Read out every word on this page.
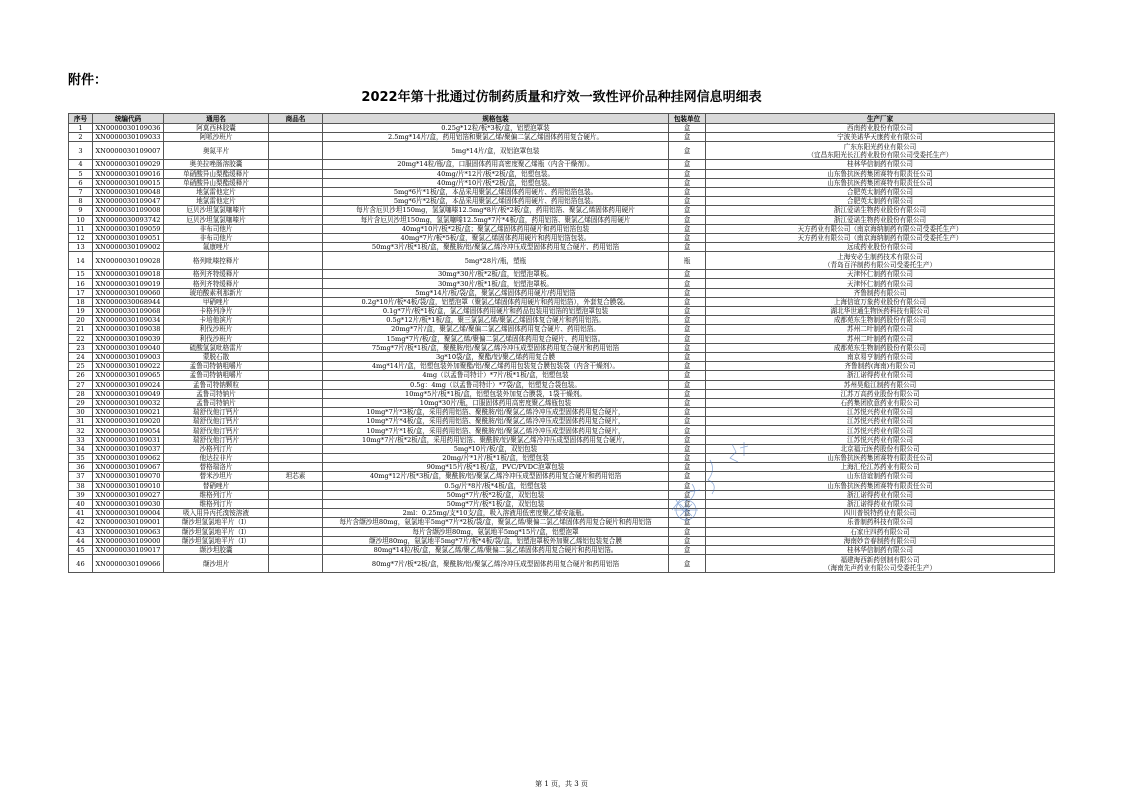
附件：
2022年第十批通过仿制药质量和疗效一致性评价品种挂网信息明细表
序号	统编代码	通用名	商品名	规格包装	包装单位	生产厂家
1	XN0000030109036	阿莫西林胶囊		0.25g*12粒/板*3板/盒，铝塑泡罩装	盒	西南药业股份有限公司
2	XN0000030109033	阿哌沙班片		2.5mg*14片/盒，药用铝箔和聚氯乙烯/聚偏二氯乙烯固体药用复合硬片。	盒	宁波美诺华天康药业有限公司
3	XN0000030109007	奥氮平片		5mg*14片/盒，双铝泡罩包装	盒	广东东阳光药业有限公司
（宜昌东阳光长江药业股份有限公司受委托生产）
4	XN0000030109029	奥美拉唑肠溶胶囊		20mg*14粒/瓶/盒，口服固体药用高密度聚乙烯瓶（内含干燥剂）。	盒	桂林华信制药有限公司
5	XN0000030109016	单硝酸异山梨酯缓释片		40mg/片*12片/板*2板/盒，铝塑包装。	盒	山东鲁抗医药集团赛特有限责任公司
6	XN0000030109015	单硝酸异山梨酯缓释片		40mg/片*10片/板*2板/盒，铝塑包装。	盒	山东鲁抗医药集团赛特有限责任公司
7	XN0000030109048	地氯雷他定片		5mg*6片*1板/盒，本品采用聚氯乙烯固体药用硬片、药用铝箔包装。	盒	合肥英太制药有限公司
8	XN0000030109047	地氯雷他定片		5mg*6片*2板/盒，本品采用聚氯乙烯固体药用硬片、药用铝箔包装。	盒	合肥英太制药有限公司
9	XN0000030109008	厄贝沙坦氢氯噻嗪片		每片含厄贝沙坦150mg，氢氯噻嗪12.5mg*8片/板*2板/盒，药用铝箔、聚氯乙烯固体药用硬片	盒	浙江爱诺生物药业股份有限公司
10	XN0000030093742	厄贝沙坦氢氯噻嗪片		每片含厄贝沙坦150mg，氢氯噻嗪12.5mg*7片*4板/盒，药用铝箔、聚氯乙烯固体药用硬片	盒	浙江爱诺生物药业股份有限公司
11	XN0000030109059	非布司他片		40mg*10片/板*2板/盒；聚氯乙烯固体药用硬片和药用铝箔包装	盒	天方药业有限公司（南京海纳制药有限公司受委托生产）
12	XN0000030109051	非布司他片		40mg*7片/板*5板/盒，聚氯乙烯固体药用硬片和药用铝箔包装。	盒	天方药业有限公司（南京海纳制药有限公司受委托生产）
13	XN0000030109002	氟康唑片		50mg*3片/板*1板/盒，聚酰胺/铝/聚氯乙烯冷冲压成型固体药用复合硬片、药用铝箔	盒	远成药业股份有限公司
14	XN0000030109028	格列吡嗪控释片		5mg*28片/瓶，塑瓶	瓶	上海安必生制药技术有限公司
（青岛百洋制药有限公司受委托生产）
15	XN0000030109018	格列齐特缓释片		30mg*30片/板*2板/盒，铝塑泡罩板。	盒	天津怀仁制药有限公司
16	XN0000030109019	格列齐特缓释片		30mg*30片/板*1板/盒，铝塑泡罩板。	盒	天津怀仁制药有限公司
17	XN0000030109060	琥珀酸素利那新片		5mg*14片/板/袋/盒，聚氯乙烯固体药用硬片/药用铝箔	盒	齐鲁制药有限公司
18	XN0000030068944	甲硝唑片		0.2g*10片/板*4板/袋/盒，铝塑泡罩（聚氯乙烯固体药用硬片和药用铝箔），外套复合膜袋。	盒	上海信谊万象药业股份有限公司
19	XN0000030109068	卡格列净片		0.1g*7片/板*1板/盒，氯乙烯固体药用硬片和药品包装用铝箔的铝塑泡罩包装	盒	湖北华世通生物医药科技有限公司
20	XN0000030109034	卡培他滨片		0.5g*12片/板*1板/盒，聚三氯氯乙烯/聚氯乙烯固体复合硬片和药用铝箔。	盒	成都苑东生物制药股份有限公司
21	XN0000030109038	利伐沙班片		20mg*7片/盒，聚氯乙烯/聚偏二氯乙烯固体药用复合硬片、药用铝箔。	盒	苏州二叶制药有限公司
22	XN0000030109039	利伐沙班片		15mg*7片/板/盒，聚氯乙烯/聚偏二氯乙烯固体药用复合硬片、药用铝箔。	盒	苏州二叶制药有限公司
23	XN0000030109040	硫酸氢氯吡格雷片		75mg*7片/板*1板/盒，聚酰胺/铝/聚氯乙烯冷冲压成型固体药用复合硬片和药用铝箔	盒	成都苑东生物制药股份有限公司
24	XN0000030109003	蒙脱石散		3g*10袋/盒，聚酯/铝/聚乙烯药用复合膜	盒	南京易亨制药有限公司
25	XN0000030109022	孟鲁司特钠咀嚼片		4mg*14片/盒，铝塑包装外加聚酯/铝/聚乙烯药用包装复合膜包装袋（内含干燥剂）。	盒	齐鲁制药(海南)有限公司
26	XN0000030109065	孟鲁司特钠咀嚼片		4mg（以孟鲁司特计）*7片/板*1板/盒，铝塑包装	盒	浙江诺得药业有限公司
27	XN0000030109024	孟鲁司特钠颗粒		0.5g：4mg（以孟鲁司特计）*7袋/盒，铝塑复合袋包装。	盒	苏州昊彪江制药有限公司
28	XN0000030109049	孟鲁司特钠片		10mg*5片/板*1板/盒，铝塑包装外加复合膜袋，1袋干燥剂。	盒	江苏万高药业股份有限公司
29	XN0000030109032	孟鲁司特钠片		10mg*30片/瓶，口服固体药用高密度聚乙烯瓶包装	盒	石药集团欧意药业有限公司
30	XN0000030109021	瑞舒伐他汀钙片		10mg*7片*3板/盒，采用药用铝箔、聚酰胺/铝/聚氯乙烯冷冲压成型固体药用复合硬片，	盒	江苏悦兴药业有限公司
31	XN0000030109020	瑞舒伐他汀钙片		10mg*7片*4板/盒，采用药用铝箔、聚酰胺/铝/聚氯乙烯冷冲压成型固体药用复合硬片，	盒	江苏悦兴药业有限公司
32	XN0000030109054	瑞舒伐他汀钙片		10mg*7片*1板/盒，采用药用铝箔、聚酰胺/铝/聚氯乙烯冷冲压成型固体药用复合硬片，	盒	江苏悦兴药业有限公司
33	XN0000030109031	瑞舒伐他汀钙片		10mg*7片/板*2板/盒，采用药用铝箔、聚酰胺/铝/聚氯乙烯冷冲压成型固体药用复合硬片，	盒	江苏悦兴药业有限公司
34	XN0000030109037	沙格列汀片		5mg*10片/板/盒，双铝包装	盒	北京福元医药股份有限公司
35	XN0000030109062	他达拉非片		20mg/片*1片/板*1板/盒，铝塑包装	盒	山东鲁抗医药集团赛特有限责任公司
36	XN0000030109067	替格瑞洛片		90mg*15片/板*1板/盒，PVC/PVDC泡罩包装	盒	上海汇伦江苏药业有限公司
37	XN0000030109070	替米沙坦片	坦芯素	40mg*12片/板*3板/盒，聚酰胺/铝/聚氯乙烯冷冲压成型固体药用复合硬片和药用铝箔	盒	山东信谊制药有限公司
38	XN0000030109010	替硝唑片		0.5g/片*8片/板*4板/盒，铝塑包装	盒	山东鲁抗医药集团赛特有限责任公司
39	XN0000030109027	维格列汀片		50mg*7片/板*2板/盒，双铝包装	盒	浙江诺得药业有限公司
40	XN0000030109030	维格列汀片		50mg*7片/板*1板/盒，双铝包装	盒	浙江诺得药业有限公司
41	XN0000030109004	吸入用异丙托溴铵溶液		2ml：0.25mg/支*10支/盒，吸入溶液用低密度聚乙烯安瓿瓶。	盒	四川普锐特药业有限公司
42	XN0000030109001	缬沙坦氢氯地平片（Ⅰ）		每片含缬沙坦80mg，氨氯地平5mg*7片*2板/袋/盒，聚氯乙烯/聚偏二氯乙烯固体药用复合硬片和药用铝箔	盒	乐普制药科技有限公司
43	XN0000030109063	缬沙坦氢氯地平片（Ⅰ）		每片含缬沙坦80mg，氨氯地平5mg*15片/盒，铝塑泡罩	盒	石家庄四药有限公司
44	XN0000030109000	缬沙坦氢氯地平片（Ⅰ）		缬沙坦80mg，氨氯地平5mg*7片/板*4板/袋/盒，铝塑泡罩板外加聚乙烯铝包装复合膜	盒	海南妙音春制药有限公司
45	XN0000030109017	缬沙坦胶囊		80mg*14粒/板/盒，聚氯乙烯/聚乙烯/聚偏二氯乙烯固体药用复合硬片和药用铝箔。	盒	桂林华信制药有限公司
46	XN0000030109066	缬沙坦片		80mg*7片/板*2板/盒，聚酰胺/铝/聚氯乙烯冷冲压成型固体药用复合硬片和药用铝箔	盒	福建海西新药创制有限公司
（海南先声药业有限公司受委托生产）
第 1 页，共 3 页
